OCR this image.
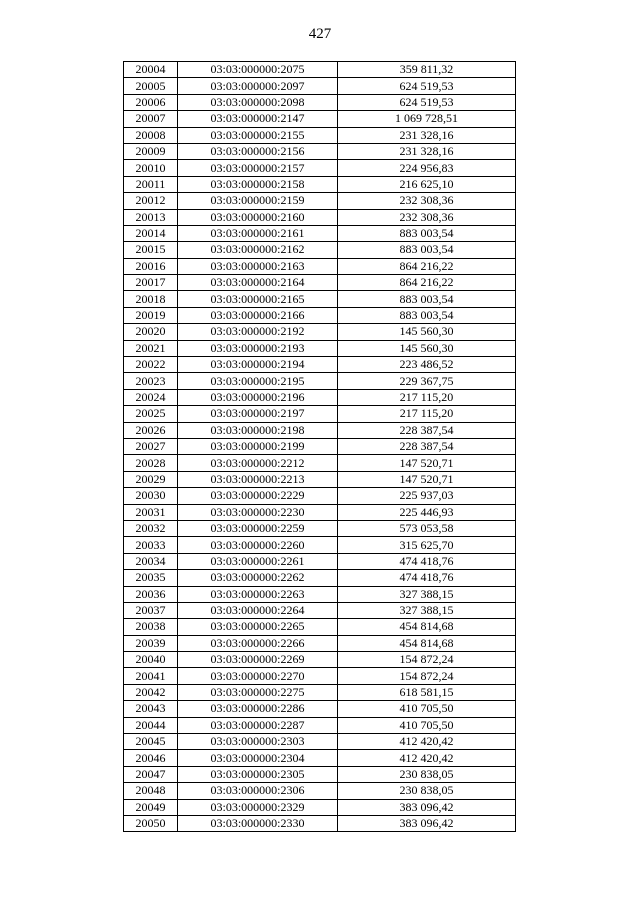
427
20004	03:03:000000:2075	359 811,32
20005	03:03:000000:2097	624 519,53
20006	03:03:000000:2098	624 519,53
20007	03:03:000000:2147	1 069 728,51
20008	03:03:000000:2155	231 328,16
20009	03:03:000000:2156	231 328,16
20010	03:03:000000:2157	224 956,83
20011	03:03:000000:2158	216 625,10
20012	03:03:000000:2159	232 308,36
20013	03:03:000000:2160	232 308,36
20014	03:03:000000:2161	883 003,54
20015	03:03:000000:2162	883 003,54
20016	03:03:000000:2163	864 216,22
20017	03:03:000000:2164	864 216,22
20018	03:03:000000:2165	883 003,54
20019	03:03:000000:2166	883 003,54
20020	03:03:000000:2192	145 560,30
20021	03:03:000000:2193	145 560,30
20022	03:03:000000:2194	223 486,52
20023	03:03:000000:2195	229 367,75
20024	03:03:000000:2196	217 115,20
20025	03:03:000000:2197	217 115,20
20026	03:03:000000:2198	228 387,54
20027	03:03:000000:2199	228 387,54
20028	03:03:000000:2212	147 520,71
20029	03:03:000000:2213	147 520,71
20030	03:03:000000:2229	225 937,03
20031	03:03:000000:2230	225 446,93
20032	03:03:000000:2259	573 053,58
20033	03:03:000000:2260	315 625,70
20034	03:03:000000:2261	474 418,76
20035	03:03:000000:2262	474 418,76
20036	03:03:000000:2263	327 388,15
20037	03:03:000000:2264	327 388,15
20038	03:03:000000:2265	454 814,68
20039	03:03:000000:2266	454 814,68
20040	03:03:000000:2269	154 872,24
20041	03:03:000000:2270	154 872,24
20042	03:03:000000:2275	618 581,15
20043	03:03:000000:2286	410 705,50
20044	03:03:000000:2287	410 705,50
20045	03:03:000000:2303	412 420,42
20046	03:03:000000:2304	412 420,42
20047	03:03:000000:2305	230 838,05
20048	03:03:000000:2306	230 838,05
20049	03:03:000000:2329	383 096,42
20050	03:03:000000:2330	383 096,42
